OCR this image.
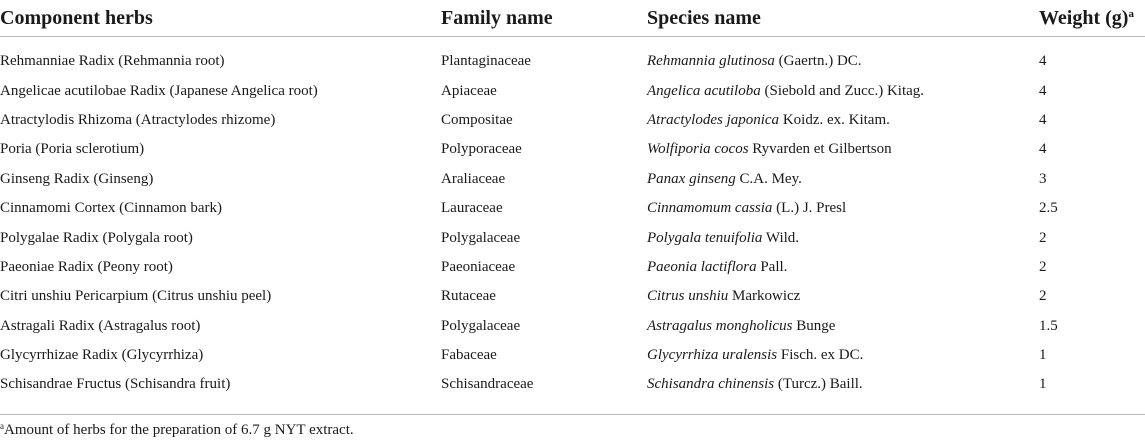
Component herbs	Family name	Species name	Weight $(g)^a$
Rehmanniae Radix (Rehmannia root)	Plantaginaceae	Rehmannia glutinosa (Gaertn.) DC.	4
Angelicae acutilobae Radix (Japanese Angelica root)	Apiaceae	Angelica acutiloba (Siebold and Zucc.) Kitag.	4
Atractylodis Rhizoma (Atractylodes rhizome)	Compositae	Atractylodes japonica Koidz. ex. Kitam.	4
Poria (Poria sclerotium)	Polyporaceae	Wolfiporia cocos Ryvarden et Gilbertson	4
Ginseng Radix (Ginseng)	Araliaceae	Panax ginseng C.A. Mey.	3
Cinnamomi Cortex (Cinnamon bark)	Lauraceae	Cinnamomum cassia (L.) J. Presl	2.5
Polygalae Radix (Polygala root)	Polygalaceae	Polygala tenuifolia Wild.	2
Paeoniae Radix (Peony root)	Paeoniaceae	Paeonia lactiflora Pall.	2
Citri unshiu Pericarpium (Citrus unshiu peel)	Rutaceae	Citrus unshiu Markowicz	2
Astragali Radix (Astragalus root)	Polygalaceae	Astragalus mongholicus Bunge	1.5
Glycyrrhizae Radix (Glycyrrhiza)	Fabaceae	Glycyrrhiza uralensis Fisch. ex DC.	1
Schisandrae Fructus (Schisandra fruit)	Schisandraceae	Schisandra chinensis (Turcz.) Baill.	1
$^a$Amount of herbs for the preparation of 6.7 g NYT extract.
